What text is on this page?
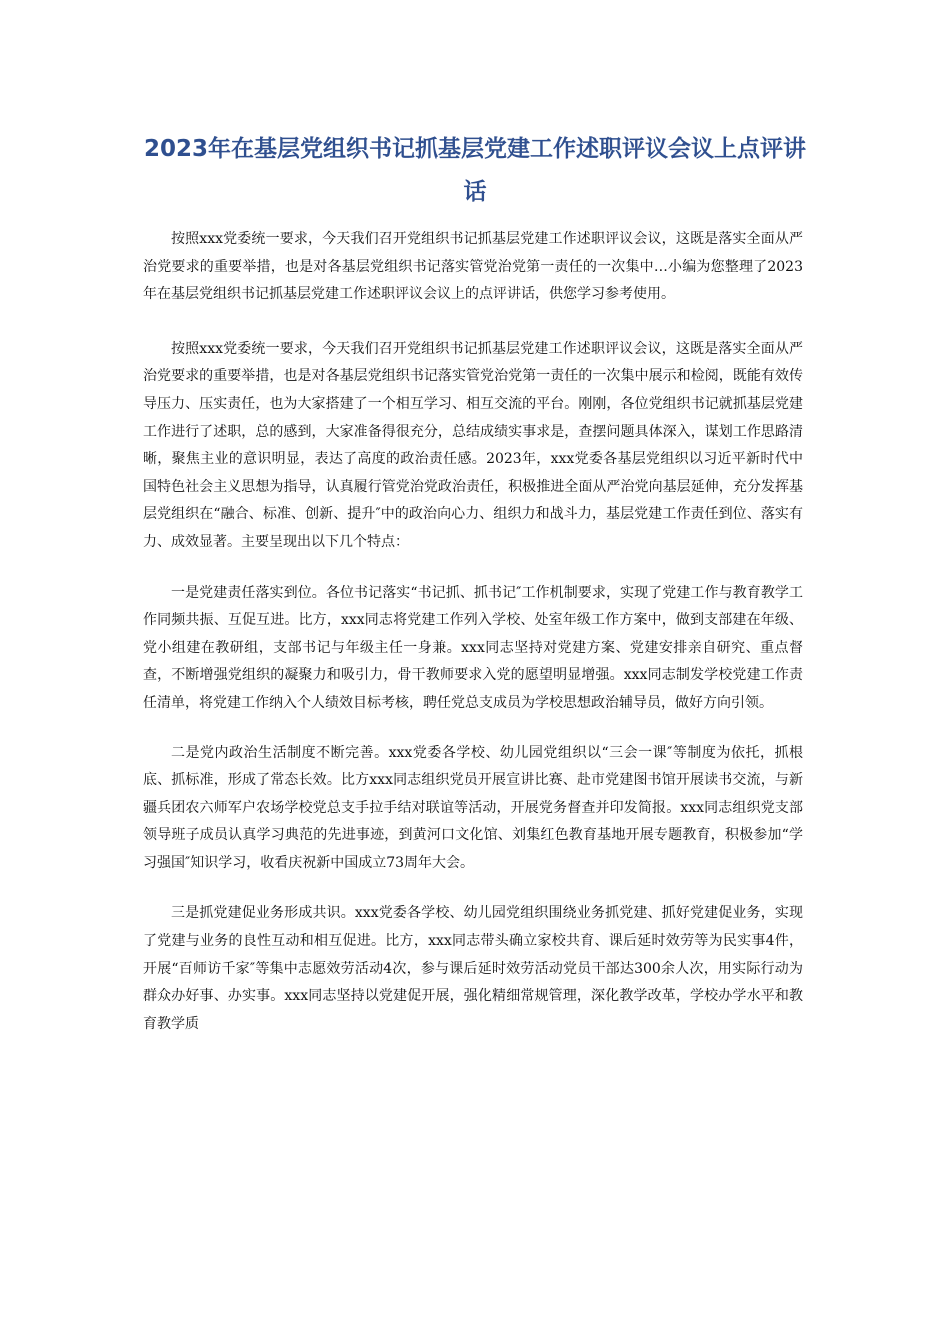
2023年在基层党组织书记抓基层党建工作述职评议会议上点评讲话

按照xxx党委统一要求，今天我们召开党组织书记抓基层党建工作述职评议会议，这既是落实全面从严治党要求的重要举措，也是对各基层党组织书记落实管党治党第一责任的一次集中…小编为您整理了2023年在基层党组织书记抓基层党建工作述职评议会议上的点评讲话，供您学习参考使用。

按照xxx党委统一要求，今天我们召开党组织书记抓基层党建工作述职评议会议，这既是落实全面从严治党要求的重要举措，也是对各基层党组织书记落实管党治党第一责任的一次集中展示和检阅，既能有效传导压力、压实责任，也为大家搭建了一个相互学习、相互交流的平台。刚刚，各位党组织书记就抓基层党建工作进行了述职，总的感到，大家准备得很充分，总结成绩实事求是，查摆问题具体深入，谋划工作思路清晰，聚焦主业的意识明显，表达了高度的政治责任感。2023年，xxx党委各基层党组织以习近平新时代中国特色社会主义思想为指导，认真履行管党治党政治责任，积极推进全面从严治党向基层延伸，充分发挥基层党组织在“融合、标准、创新、提升″中的政治向心力、组织力和战斗力，基层党建工作责任到位、落实有力、成效显著。主要呈现出以下几个特点：

一是党建责任落实到位。各位书记落实“书记抓、抓书记″工作机制要求，实现了党建工作与教育教学工作同频共振、互促互进。比方，xxx同志将党建工作列入学校、处室年级工作方案中，做到支部建在年级、党小组建在教研组，支部书记与年级主任一身兼。xxx同志坚持对党建方案、党建安排亲自研究、重点督查，不断增强党组织的凝聚力和吸引力，骨干教师要求入党的愿望明显增强。xxx同志制发学校党建工作责任清单，将党建工作纳入个人绩效目标考核，聘任党总支成员为学校思想政治辅导员，做好方向引领。

二是党内政治生活制度不断完善。xxx党委各学校、幼儿园党组织以“三会一课″等制度为依托，抓根底、抓标准，形成了常态长效。比方xxx同志组织党员开展宣讲比赛、赴市党建图书馆开展读书交流，与新疆兵团农六师军户农场学校党总支手拉手结对联谊等活动，开展党务督查并印发简报。xxx同志组织党支部领导班子成员认真学习典范的先进事迹，到黄河口文化馆、刘集红色教育基地开展专题教育，积极参加“学习强国″知识学习，收看庆祝新中国成立73周年大会。

三是抓党建促业务形成共识。xxx党委各学校、幼儿园党组织围绕业务抓党建、抓好党建促业务，实现了党建与业务的良性互动和相互促进。比方，xxx同志带头确立家校共育、课后延时效劳等为民实事4件，开展“百师访千家″等集中志愿效劳活动4次，参与课后延时效劳活动党员干部达300余人次，用实际行动为群众办好事、办实事。xxx同志坚持以党建促开展，强化精细常规管理，深化教学改革，学校办学水平和教育教学质
